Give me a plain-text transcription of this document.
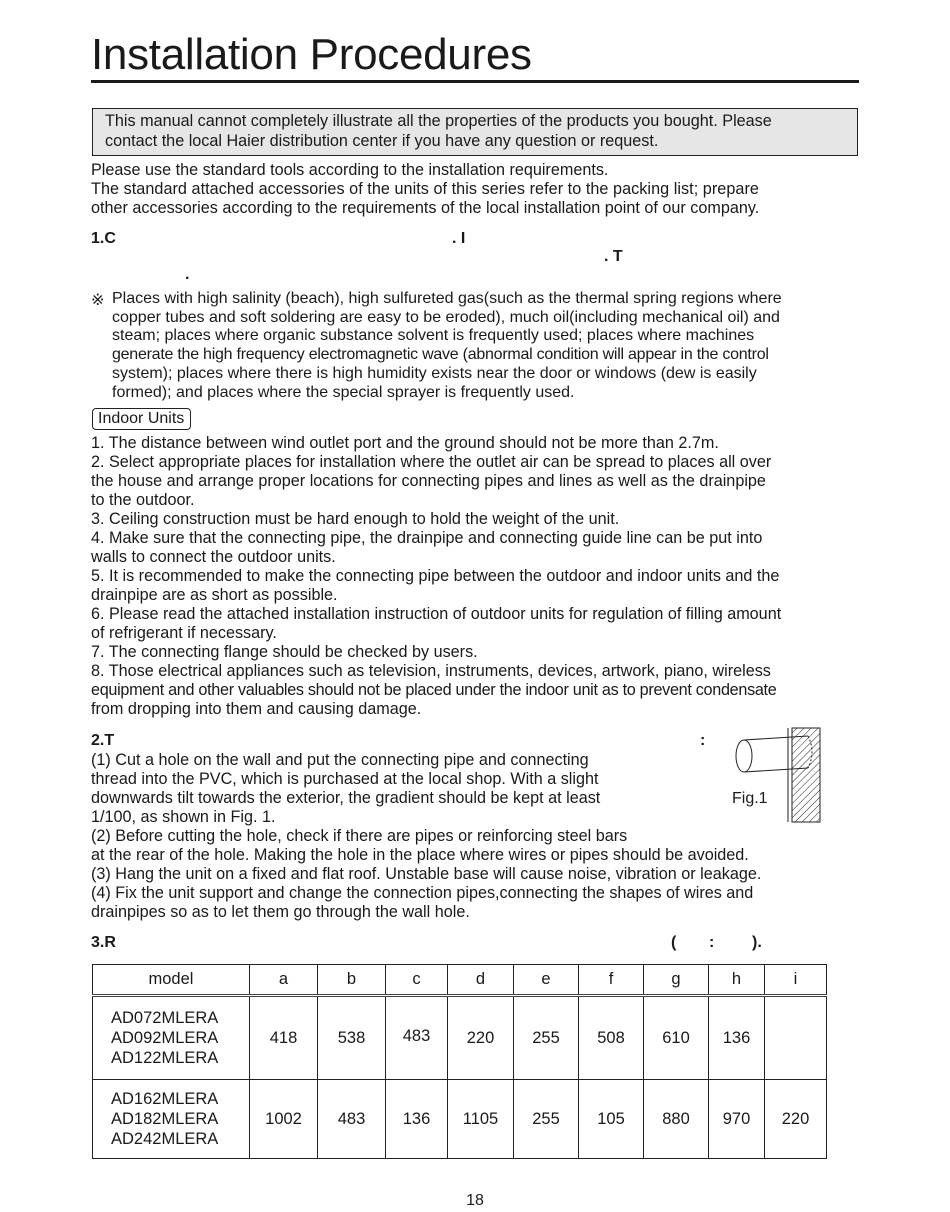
Installation Procedures
This manual cannot completely illustrate all the properties of the products you bought. Please
contact the local Haier distribution center if you have any question or request.
Please use the standard tools according to the installation requirements.
The standard attached accessories of the units of this series refer to the packing list; prepare
other accessories according to the requirements of the local installation point of our company.
1.C	. I
. T
.
※ Places with high salinity (beach), high sulfureted gas(such as the thermal spring regions where
copper tubes and soft soldering are easy to be eroded), much oil(including mechanical oil) and
steam; places where organic substance solvent is frequently used; places where machines
generate the high frequency electromagnetic wave (abnormal condition will appear in the control
system); places where there is high humidity exists near the door or windows (dew is easily
formed); and places where the special sprayer is frequently used.
Indoor Units
1. The distance between wind outlet port and the ground should not be more than 2.7m.
2. Select appropriate places for installation where the outlet air can be spread to places all over
the house and arrange proper locations for connecting pipes and lines as well as the drainpipe
to the outdoor.
3. Ceiling construction must be hard enough to hold the weight of the unit.
4. Make sure that the connecting pipe, the drainpipe and connecting guide line can be put into
walls to connect the outdoor units.
5. It is recommended to make the connecting pipe between the outdoor and indoor units and the
drainpipe are as short as possible.
6. Please read the attached installation instruction of outdoor units for regulation of filling amount
of refrigerant if necessary.
7. The connecting flange should be checked by users.
8. Those electrical appliances such as television, instruments, devices, artwork, piano, wireless
equipment and other valuables should not be placed under the indoor unit as to prevent condensate
from dropping into them and causing damage.
2.T	:
(1) Cut a hole on the wall and put the connecting pipe and connecting
thread into the PVC, which is purchased at the local shop. With a slight
downwards tilt towards the exterior, the gradient should be kept at least
1/100, as shown in Fig. 1.
(2) Before cutting the hole, check if there are pipes or reinforcing steel bars
at the rear of the hole. Making the hole in the place where wires or pipes should be avoided.
(3) Hang the unit on a fixed and flat roof. Unstable base will cause noise, vibration or leakage.
(4) Fix the unit support and change the connection pipes,connecting the shapes of wires and
drainpipes so as to let them go through the wall hole.
Fig.1
3.R	( : ).
model	a	b	c	d	e	f	g	h	i

AD072MLERA
AD092MLERA
AD122MLERA	418	538	483	220	255	508	610	136	

AD162MLERA
AD182MLERA
AD242MLERA	1002	483	136	1105	255	105	880	970	220
18
